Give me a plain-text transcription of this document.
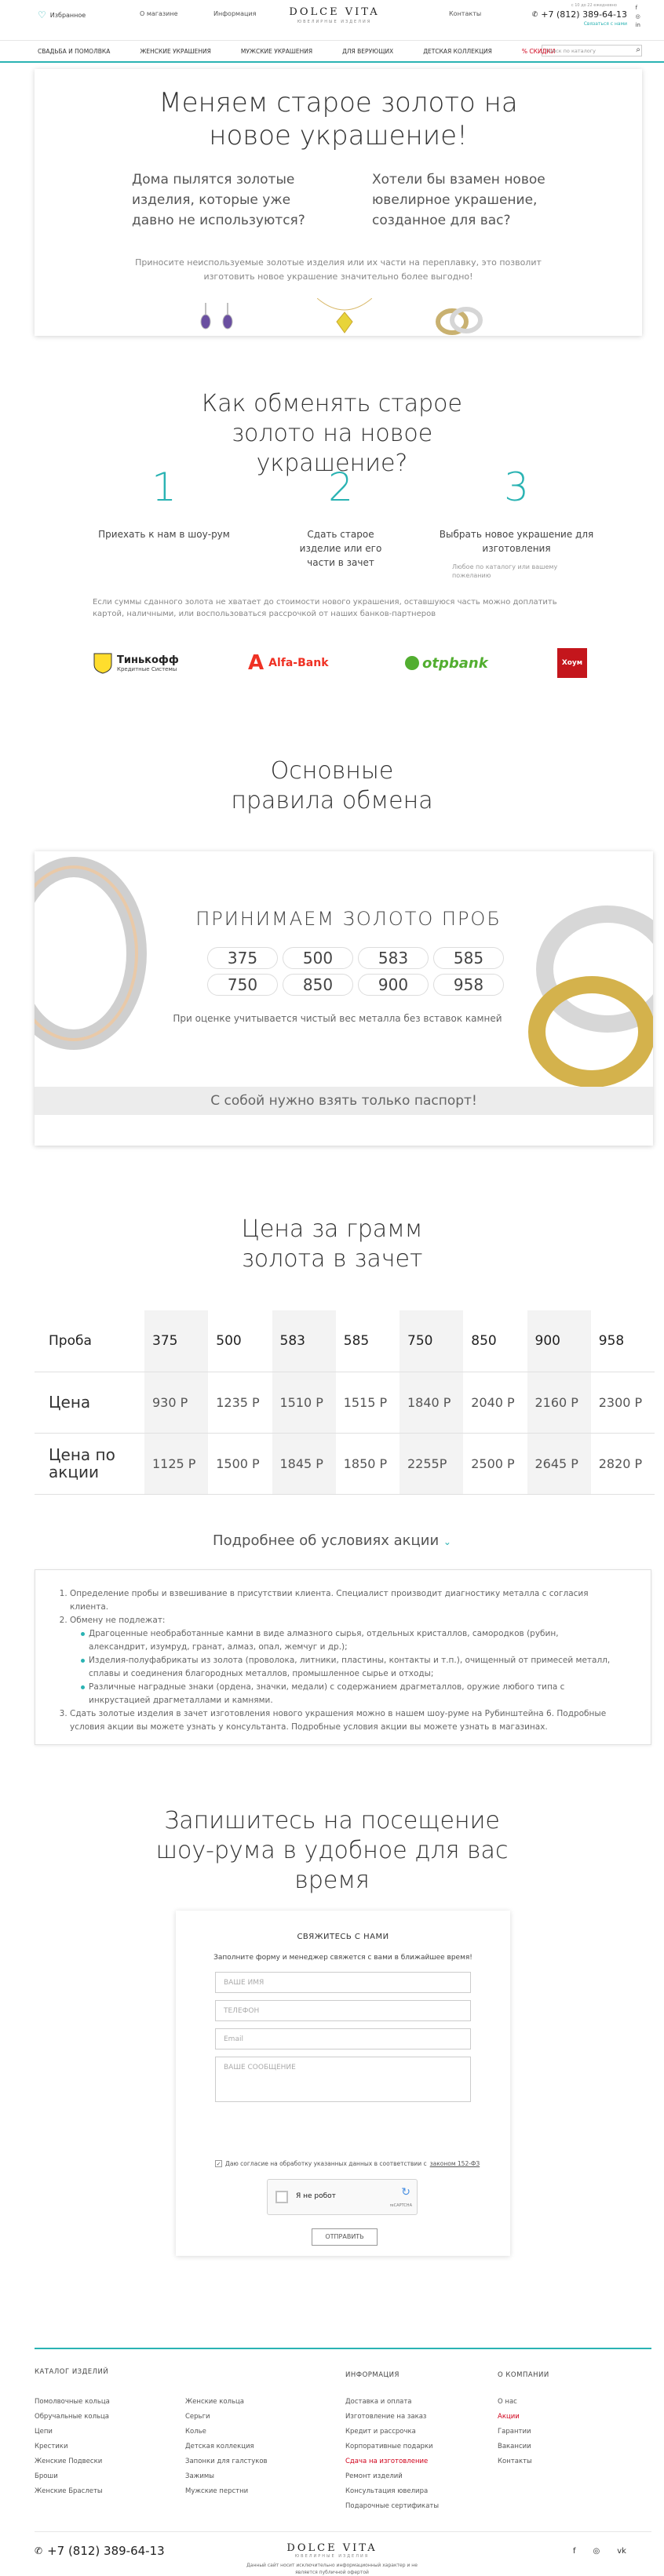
♡ Избранное	О магазине	Информация	DOLCE VITA
ЮВЕЛИРНЫЕ ИЗДЕЛИЯ
Контакты
с 10 до 22 ежедневно
✆ +7 (812) 389-64-13
Связаться с нами
f
◎
in
СВАДЬБА И ПОМОЛВКА	ЖЕНСКИЕ УКРАШЕНИЯ	МУЖСКИЕ УКРАШЕНИЯ	ДЛЯ ВЕРУЮЩИХ	ДЕТСКАЯ КОЛЛЕКЦИЯ	% СКИДКИ
Поиск по каталогу	⌕
Меняем старое золото на новое украшение!
Дома пылятся золотые изделия, которые уже давно не используются?
Хотели бы взамен новое ювелирное украшение, созданное для вас?
Приносите неиспользуемые золотые изделия или их части на переплавку, это позволит изготовить новое украшение значительно более выгодно!
Как обменять старое золото на новое украшение?
1	2	3
Приехать к нам в шоу-рум	Сдать старое изделие или его части в зачет
Выбрать новое украшение для изготовления
Любое по каталогу или вашему пожеланию
Если суммы сданного золота не хватает до стоимости нового украшения, оставшуюся часть можно доплатить картой, наличными, или воспользоваться рассрочкой от наших банков-партнеров
Тинькофф
Кредитные Системы	А Alfa-Bank	otpbank	Хоум
Основные правила обмена
ПРИНИМАЕМ ЗОЛОТО ПРОБ
375	500	583	585
750	850	900	958
При оценке учитывается чистый вес металла без вставок камней
С собой нужно взять только паспорт!
Цена за грамм золота в зачет
Проба	375	500	583	585	750	850	900	958
Цена	930 Р	1235 Р	1510 Р	1515 Р	1840 Р	2040 Р	2160 Р	2300 Р
Цена по акции	1125 Р	1500 Р	1845 Р	1850 Р	2255Р	2500 Р	2645 Р	2820 Р
Подробнее об условиях акции ⌄
1. Определение пробы и взвешивание в присутствии клиента. Специалист производит диагностику металла с согласия клиента.
2. Обмену не подлежат:
Драгоценные необработанные камни в виде алмазного сырья, отдельных кристаллов, самородков (рубин, александрит, изумруд, гранат, алмаз, опал, жемчуг и др.);
Изделия-полуфабрикаты из золота (проволока, литники, пластины, контакты и т.п.), очищенный от примесей металл, сплавы и соединения благородных металлов, промышленное сырье и отходы;
Различные наградные знаки (ордена, значки, медали) с содержанием драгметаллов, оружие любого типа с инкрустацией драгметаллами и камнями.
3. Сдать золотые изделия в зачет изготовления нового украшения можно в нашем шоу-руме на Рубинштейна 6. Подробные условия акции вы можете узнать у консультанта. Подробные условия акции вы можете узнать в магазинах.
Запишитесь на посещение шоу-рума в удобное для вас время
СВЯЖИТЕСЬ С НАМИ
Заполните форму и менеджер свяжется с вами в ближайшее время!
ВАШЕ ИМЯ
ТЕЛЕФОН
Email
ВАШЕ СООБЩЕНИЕ
✓ Даю согласие на обработку указанных данных в соответствии с законом 152-ФЗ
Я не робот	↻
reCAPTCHA
ОТПРАВИТЬ
КАТАЛОГ ИЗДЕЛИЙ	ИНФОРМАЦИЯ	О КОМПАНИИ
Помолвочные кольца
Обручальные кольца
Цепи
Крестики
Женские Подвески
Броши
Женские Браслеты
Женские кольца
Серьги
Колье
Детская коллекция
Запонки для галстуков
Зажимы
Мужские перстни
Доставка и оплата
Изготовление на заказ
Кредит и рассрочка
Корпоративные подарки
Сдача на изготовление
Ремонт изделий
Консультация ювелира
Подарочные сертификаты
О нас
Акции
Гарантии
Вакансии
Контакты
✆ +7 (812) 389-64-13	DOLCE VITA
ЮВЕЛИРНЫЕ ИЗДЕЛИЯ
Данный сайт носит исключительно информационный характер и не является публичной офертой
f ◎ vk
